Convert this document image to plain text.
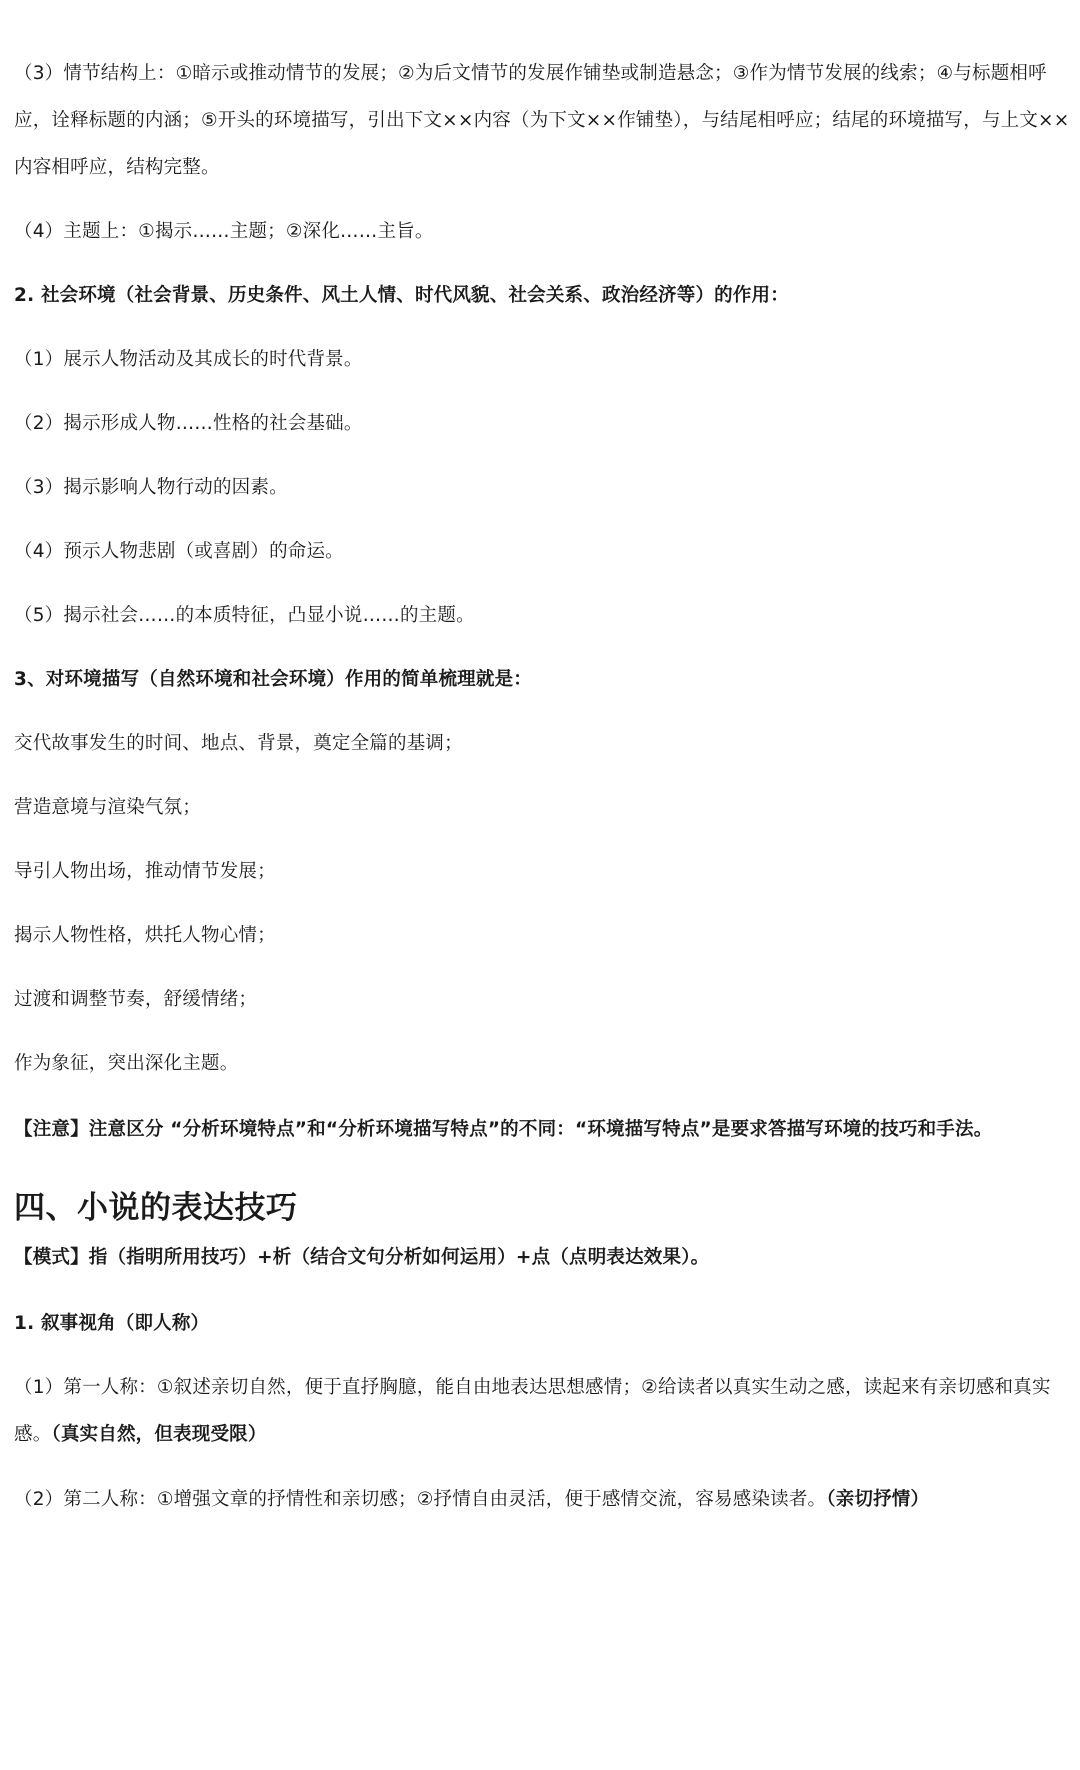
（3）情节结构上：①暗示或推动情节的发展；②为后文情节的发展作铺垫或制造悬念；③作为情节发展的线索；④与标题相呼
应，诠释标题的内涵；⑤开头的环境描写，引出下文××内容（为下文××作铺垫），与结尾相呼应；结尾的环境描写，与上文××
内容相呼应，结构完整。
（4）主题上：①揭示……主题；②深化……主旨。
2. 社会环境（社会背景、历史条件、风土人情、时代风貌、社会关系、政治经济等）的作用：
（1）展示人物活动及其成长的时代背景。
（2）揭示形成人物……性格的社会基础。
（3）揭示影响人物行动的因素。
（4）预示人物悲剧（或喜剧）的命运。
（5）揭示社会……的本质特征，凸显小说……的主题。
3、对环境描写（自然环境和社会环境）作用的简单梳理就是：
交代故事发生的时间、地点、背景，奠定全篇的基调；
营造意境与渲染气氛；
导引人物出场，推动情节发展；
揭示人物性格，烘托人物心情；
过渡和调整节奏，舒缓情绪；
作为象征，突出深化主题。
【注意】注意区分 “分析环境特点”和“分析环境描写特点”的不同：“环境描写特点”是要求答描写环境的技巧和手法。
四、小说的表达技巧
【模式】指（指明所用技巧）+析（结合文句分析如何运用）+点（点明表达效果）。
1. 叙事视角（即人称）
（1）第一人称：①叙述亲切自然，便于直抒胸臆，能自由地表达思想感情；②给读者以真实生动之感，读起来有亲切感和真实
感。（真实自然，但表现受限）
（2）第二人称：①增强文章的抒情性和亲切感；②抒情自由灵活，便于感情交流，容易感染读者。（亲切抒情）
